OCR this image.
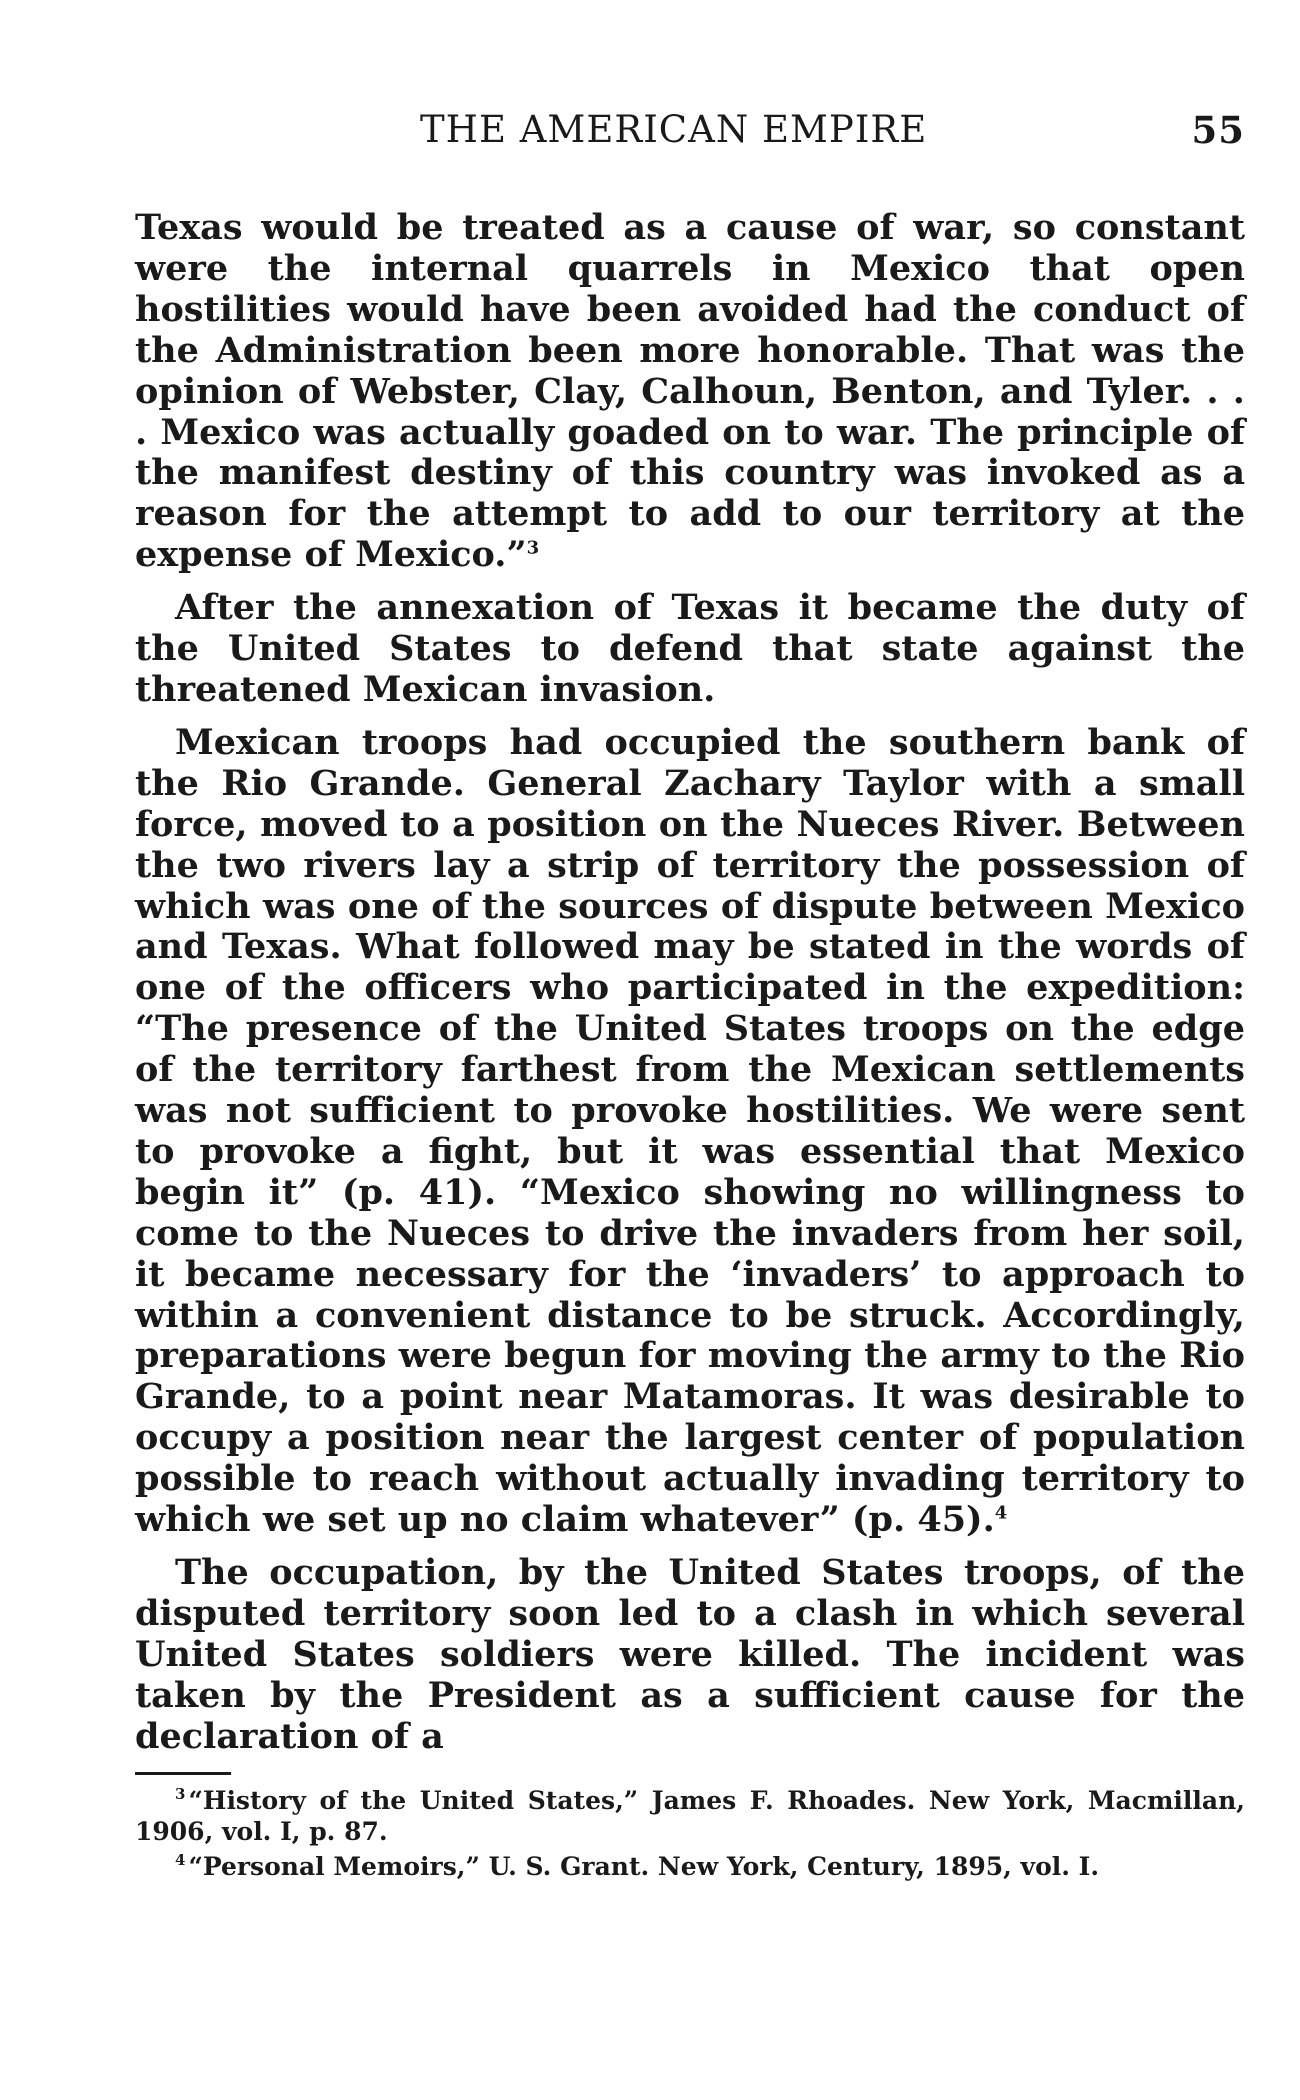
THE AMERICAN EMPIRE	55

Texas would be treated as a cause of war, so constant were the internal quarrels in Mexico that open hostilities would have been avoided had the conduct of the Administration been more honorable. That was the opinion of Webster, Clay, Calhoun, Benton, and Tyler. . . . Mexico was actually goaded on to war. The principle of the manifest destiny of this country was invoked as a reason for the attempt to add to our territory at the expense of Mexico.”$^3$

After the annexation of Texas it became the duty of the United States to defend that state against the threatened Mexican invasion.

Mexican troops had occupied the southern bank of the Rio Grande. General Zachary Taylor with a small force, moved to a position on the Nueces River. Between the two rivers lay a strip of territory the possession of which was one of the sources of dispute between Mexico and Texas. What followed may be stated in the words of one of the officers who participated in the expedition: “The presence of the United States troops on the edge of the territory farthest from the Mexican settlements was not sufficient to provoke hostilities. We were sent to provoke a fight, but it was essential that Mexico begin it” (p. 41). “Mexico showing no willingness to come to the Nueces to drive the invaders from her soil, it became necessary for the ‘invaders’ to approach to within a convenient distance to be struck. Accordingly, preparations were begun for moving the army to the Rio Grande, to a point near Matamoras. It was desirable to occupy a position near the largest center of population possible to reach without actually invading territory to which we set up no claim whatever” (p. 45).$^4$

The occupation, by the United States troops, of the disputed territory soon led to a clash in which several United States soldiers were killed. The incident was taken by the President as a sufficient cause for the declaration of a

$^3$ “History of the United States,” James F. Rhoades. New York, Macmillan, 1906, vol. I, p. 87.

$^4$ “Personal Memoirs,” U. S. Grant. New York, Century, 1895, vol. I.
